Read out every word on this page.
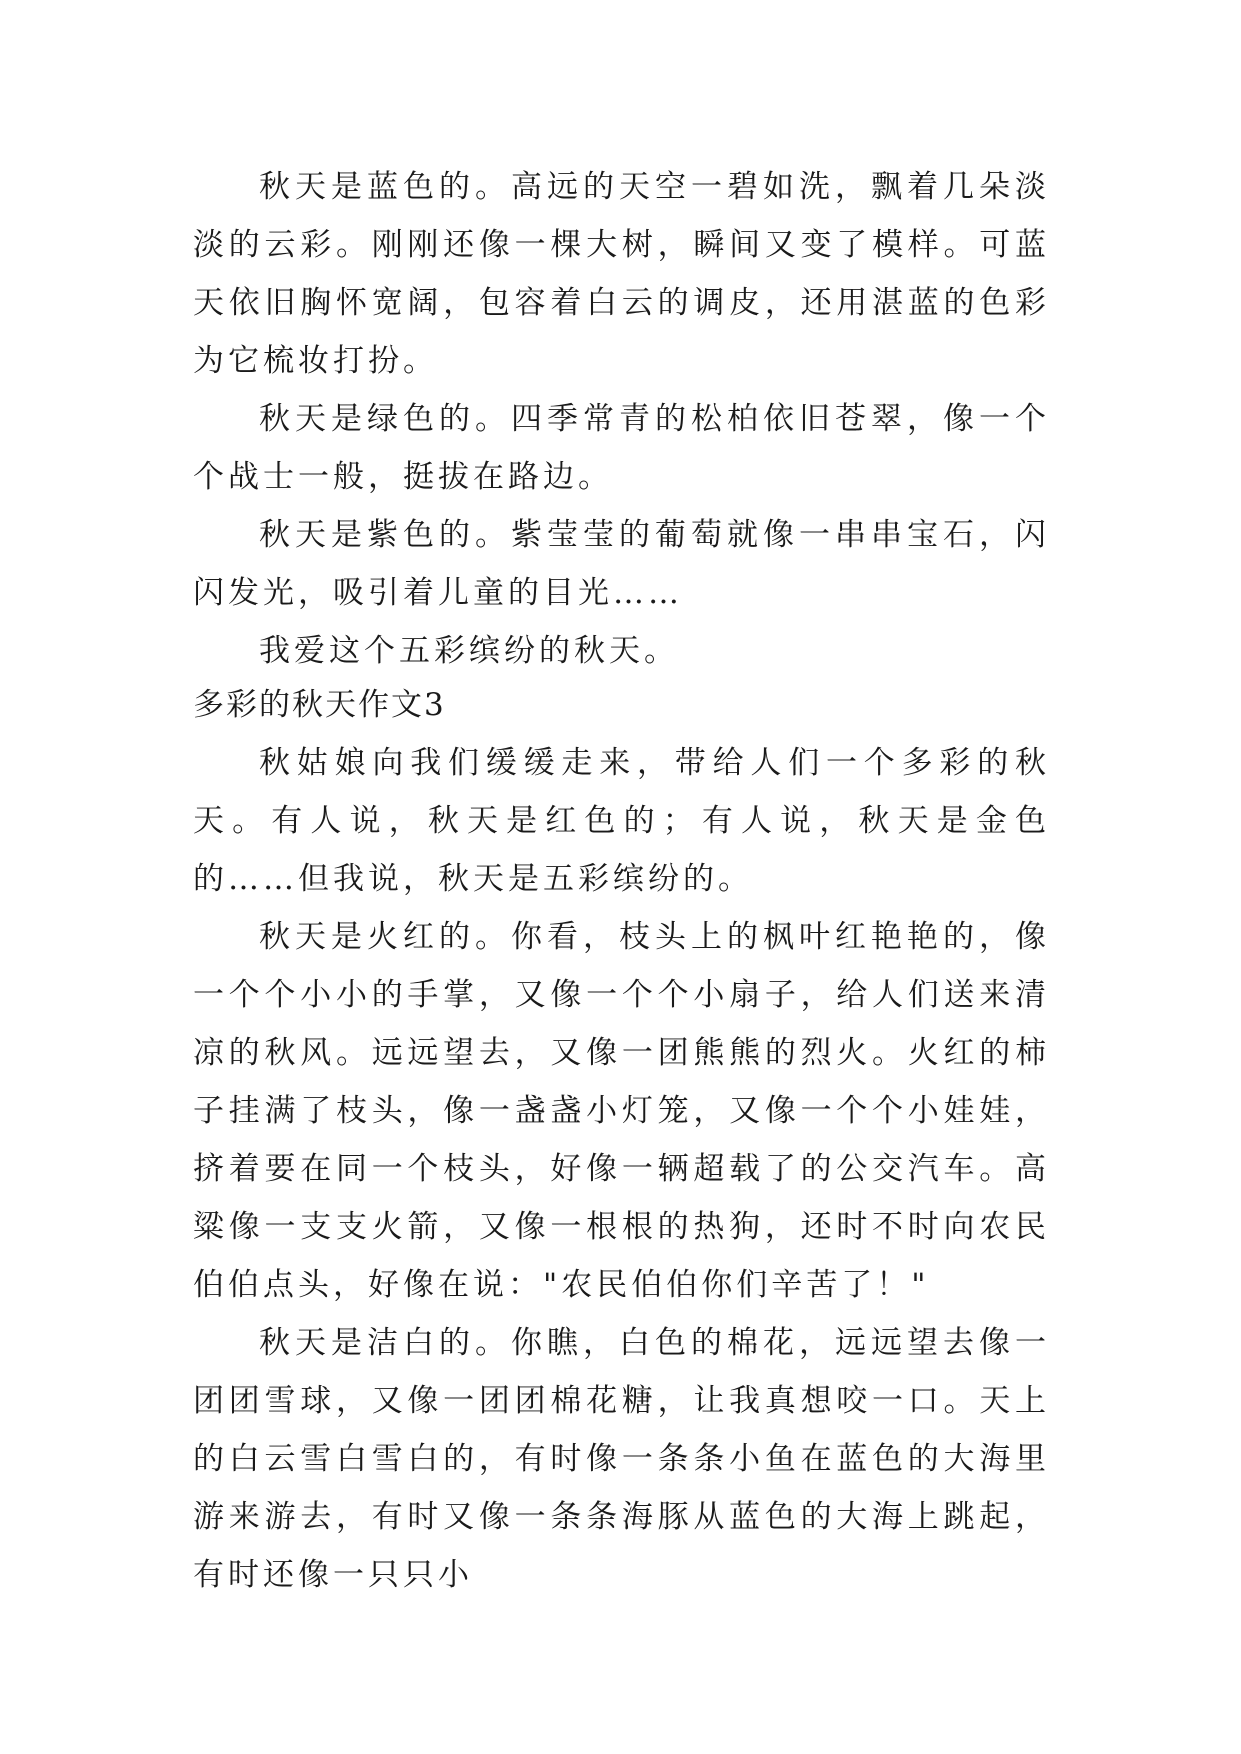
秋天是蓝色的。高远的天空一碧如洗，飘着几朵淡淡的云彩。刚刚还像一棵大树，瞬间又变了模样。可蓝天依旧胸怀宽阔，包容着白云的调皮，还用湛蓝的色彩为它梳妆打扮。

秋天是绿色的。四季常青的松柏依旧苍翠，像一个个战士一般，挺拔在路边。

秋天是紫色的。紫莹莹的葡萄就像一串串宝石，闪闪发光，吸引着儿童的目光……

我爱这个五彩缤纷的秋天。

多彩的秋天作文3

秋姑娘向我们缓缓走来，带给人们一个多彩的秋天。有人说，秋天是红色的；有人说，秋天是金色的……但我说，秋天是五彩缤纷的。

秋天是火红的。你看，枝头上的枫叶红艳艳的，像一个个小小的手掌，又像一个个小扇子，给人们送来清凉的秋风。远远望去，又像一团熊熊的烈火。火红的柿子挂满了枝头，像一盏盏小灯笼，又像一个个小娃娃，挤着要在同一个枝头，好像一辆超载了的公交汽车。高粱像一支支火箭，又像一根根的热狗，还时不时向农民伯伯点头，好像在说："农民伯伯你们辛苦了！"

秋天是洁白的。你瞧，白色的棉花，远远望去像一团团雪球，又像一团团棉花糖，让我真想咬一口。天上的白云雪白雪白的，有时像一条条小鱼在蓝色的大海里游来游去，有时又像一条条海豚从蓝色的大海上跳起，有时还像一只只小
